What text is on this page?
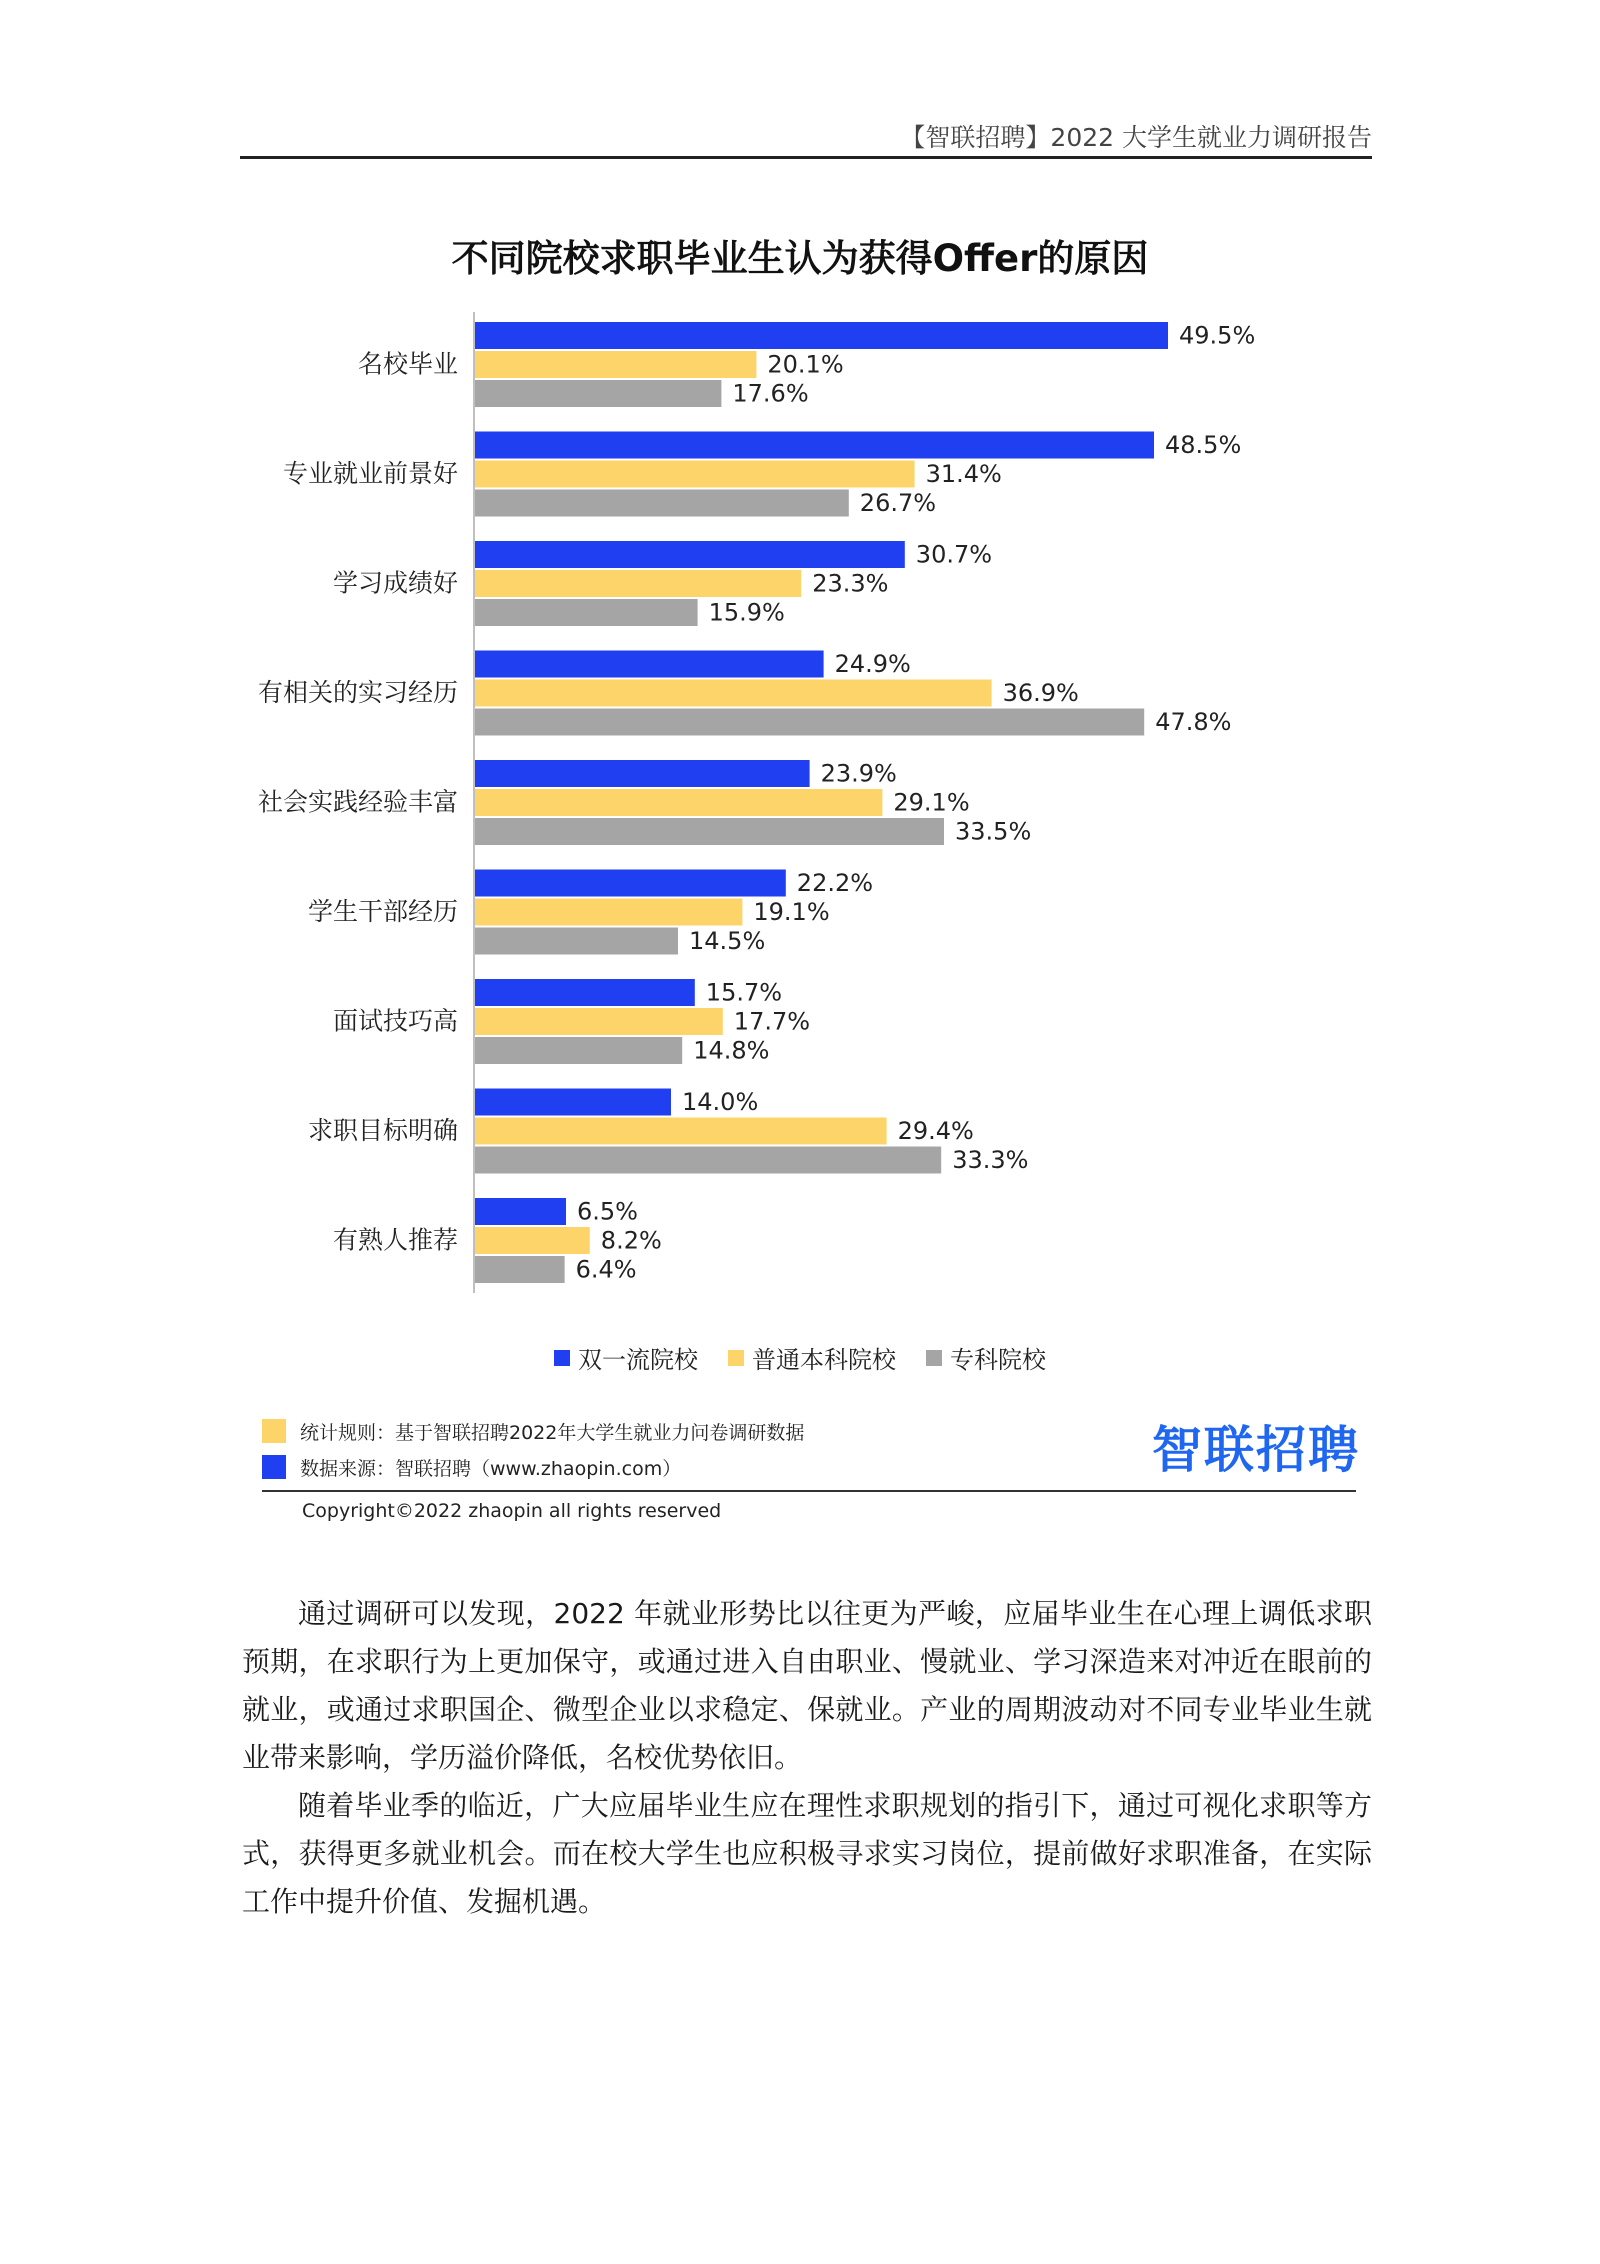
【智联招聘】2022 大学生就业力调研报告
不同院校求职毕业生认为获得Offer的原因
名校毕业
49.5%
20.1%
17.6%
专业就业前景好
48.5%
31.4%
26.7%
学习成绩好
30.7%
23.3%
15.9%
有相关的实习经历
24.9%
36.9%
47.8%
社会实践经验丰富
23.9%
29.1%
33.5%
学生干部经历
22.2%
19.1%
14.5%
面试技巧高
15.7%
17.7%
14.8%
求职目标明确
14.0%
29.4%
33.3%
有熟人推荐
6.5%
8.2%
6.4%
双一流院校 普通本科院校 专科院校
统计规则：基于智联招聘2022年大学生就业力问卷调研数据
数据来源：智联招聘（www.zhaopin.com）	智联招聘
Copyright©2022 zhaopin all rights reserved

通过调研可以发现，2022 年就业形势比以往更为严峻，应届毕业生在心理上调低求职预期，在求职行为上更加保守，或通过进入自由职业、慢就业、学习深造来对冲近在眼前的就业，或通过求职国企、微型企业以求稳定、保就业。产业的周期波动对不同专业毕业生就业带来影响，学历溢价降低，名校优势依旧。

随着毕业季的临近，广大应届毕业生应在理性求职规划的指引下，通过可视化求职等方式，获得更多就业机会。而在校大学生也应积极寻求实习岗位，提前做好求职准备，在实际工作中提升价值、发掘机遇。
